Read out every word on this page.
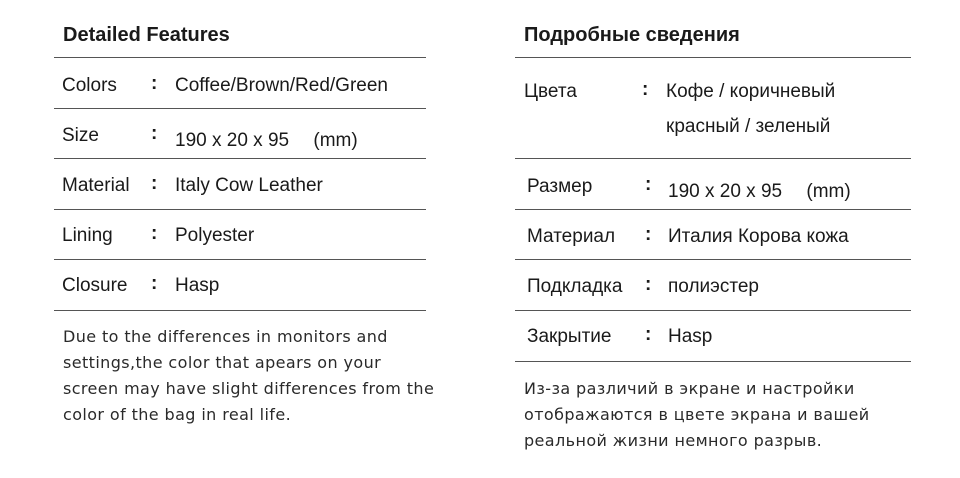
Detailed Features
Colors : Coffee/Brown/Red/Green
Size	: 190 x 20 x 95 　(mm)
Material : Italy Cow Leather
Lining : Polyester
Closure : Hasp
Due to the differences in monitors and
settings,the color that apears on your
screen may have slight differences from the
color of the bag in real life.
Подробные сведения
Цвета	: Кофе / коричневый
красный / зеленый
Размер	: 190 x 20 x 95 　(mm)
Материал : Италия Корова кожа
Подкладка : полиэстер
Закрытие : Hasp
Из-за различий в экране и настройки
отображаются в цвете экрана и вашей
реальной жизни немного разрыв.
